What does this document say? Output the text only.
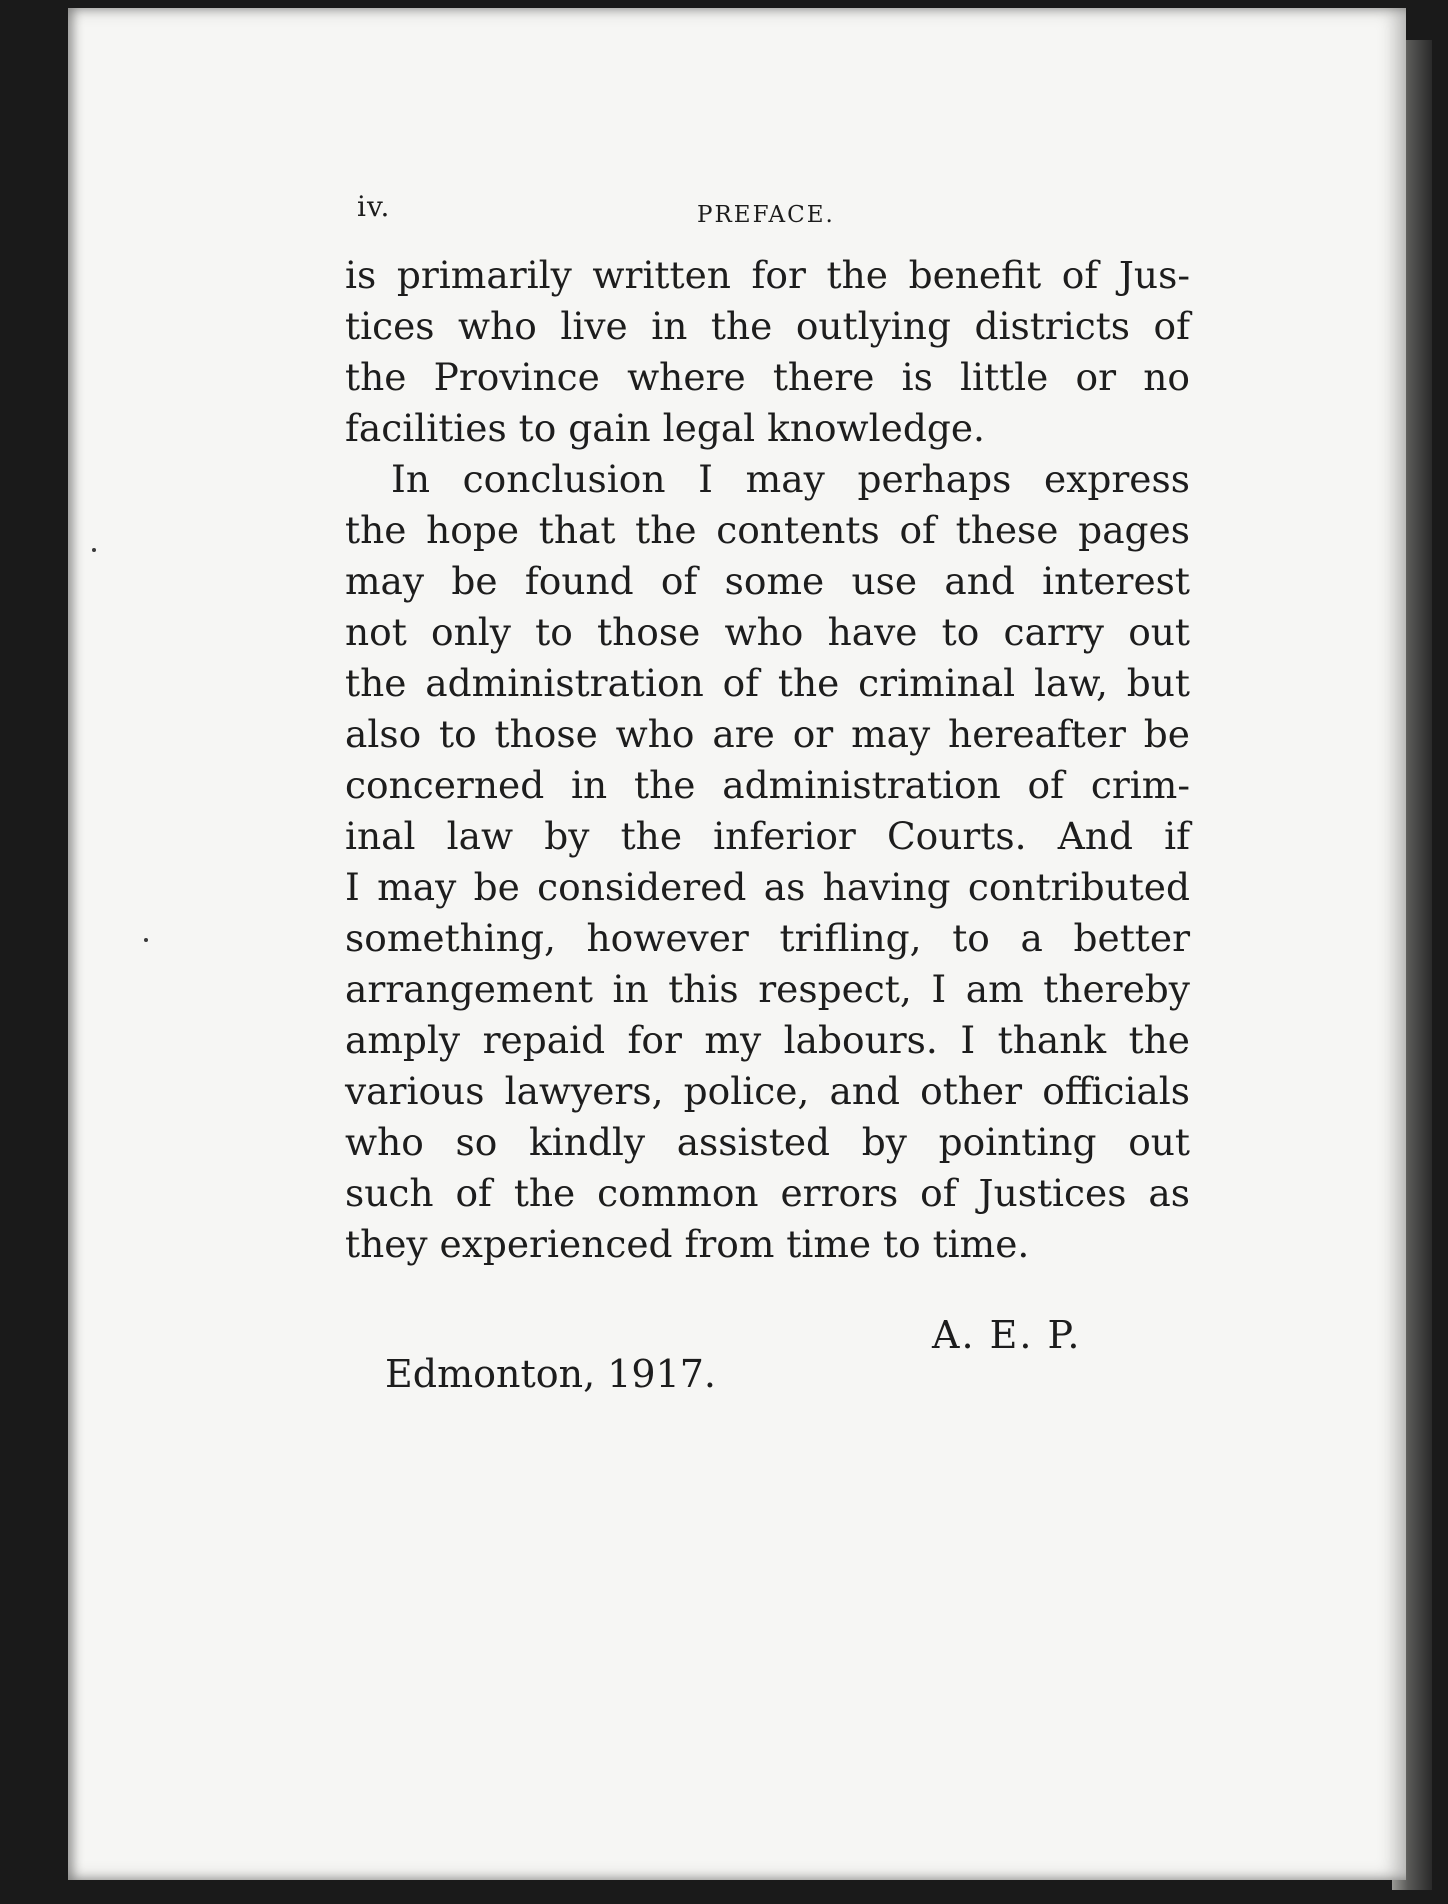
iv.	PREFACE.

is primarily written for the benefit of Jus-
tices who live in the outlying districts of
the Province where there is little or no
facilities to gain legal knowledge.

In conclusion I may perhaps express
the hope that the contents of these pages
may be found of some use and interest
not only to those who have to carry out
the administration of the criminal law, but
also to those who are or may hereafter be
concerned in the administration of crim-
inal law by the inferior Courts. And if
I may be considered as having contributed
something, however trifling, to a better
arrangement in this respect, I am thereby
amply repaid for my labours. I thank the
various lawyers, police, and other officials
who so kindly assisted by pointing out
such of the common errors of Justices as
they experienced from time to time.

A. E. P.
Edmonton, 1917.
